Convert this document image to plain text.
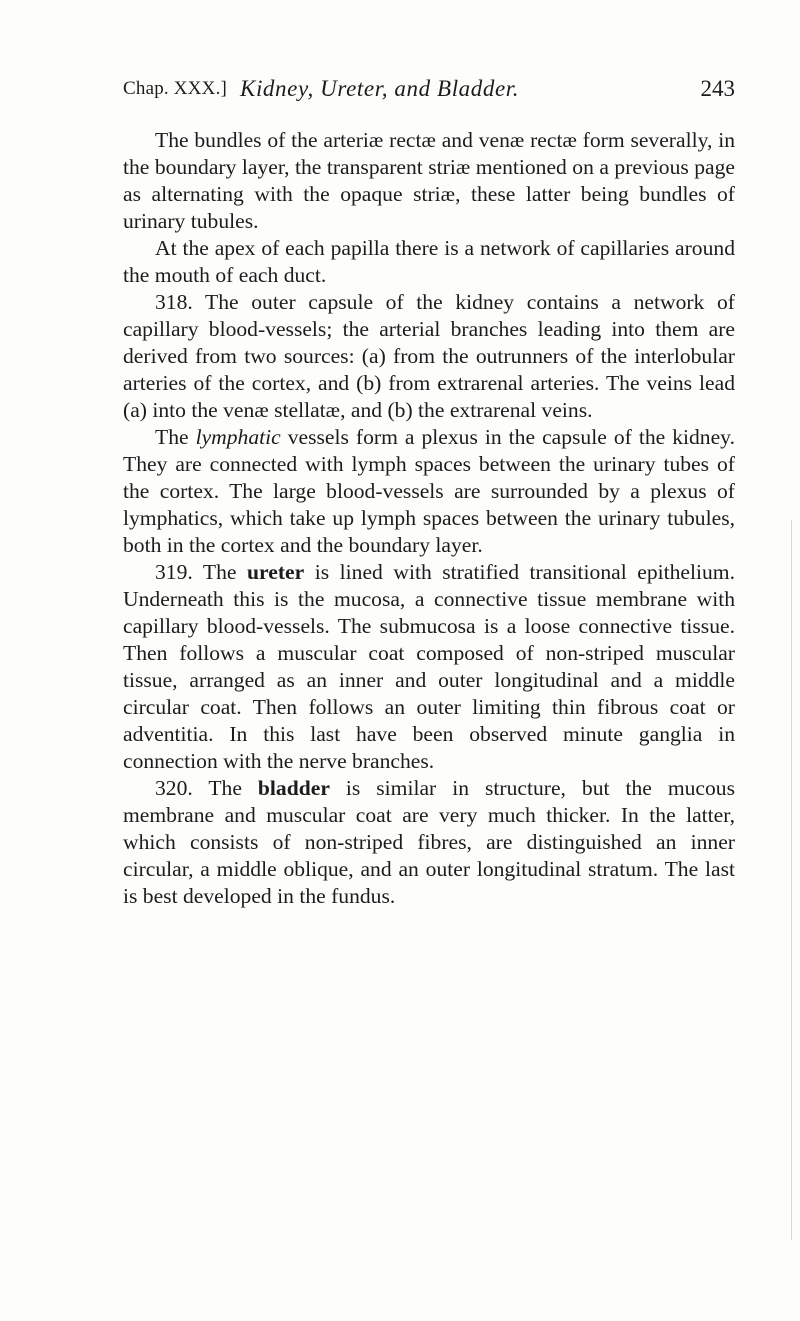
Chap. XXX.] Kidney, Ureter, and Bladder.	243

The bundles of the arteriæ rectæ and venæ rectæ form severally, in the boundary layer, the transparent striæ mentioned on a previous page as alternating with the opaque striæ, these latter being bundles of urinary tubules.

At the apex of each papilla there is a network of capillaries around the mouth of each duct.

318. The outer capsule of the kidney contains a network of capillary blood-vessels; the arterial branches leading into them are derived from two sources: (a) from the outrunners of the interlobular arteries of the cortex, and (b) from extrarenal arteries. The veins lead (a) into the venæ stellatæ, and (b) the extrarenal veins.

The lymphatic vessels form a plexus in the capsule of the kidney. They are connected with lymph spaces between the urinary tubes of the cortex. The large blood-vessels are surrounded by a plexus of lymphatics, which take up lymph spaces between the urinary tubules, both in the cortex and the boundary layer.

319. The ureter is lined with stratified transitional epithelium. Underneath this is the mucosa, a connective tissue membrane with capillary blood-vessels. The submucosa is a loose connective tissue. Then follows a muscular coat composed of non-striped muscular tissue, arranged as an inner and outer longitudinal and a middle circular coat. Then follows an outer limiting thin fibrous coat or adventitia. In this last have been observed minute ganglia in connection with the nerve branches.

320. The bladder is similar in structure, but the mucous membrane and muscular coat are very much thicker. In the latter, which consists of non-striped fibres, are distinguished an inner circular, a middle oblique, and an outer longitudinal stratum. The last is best developed in the fundus.
